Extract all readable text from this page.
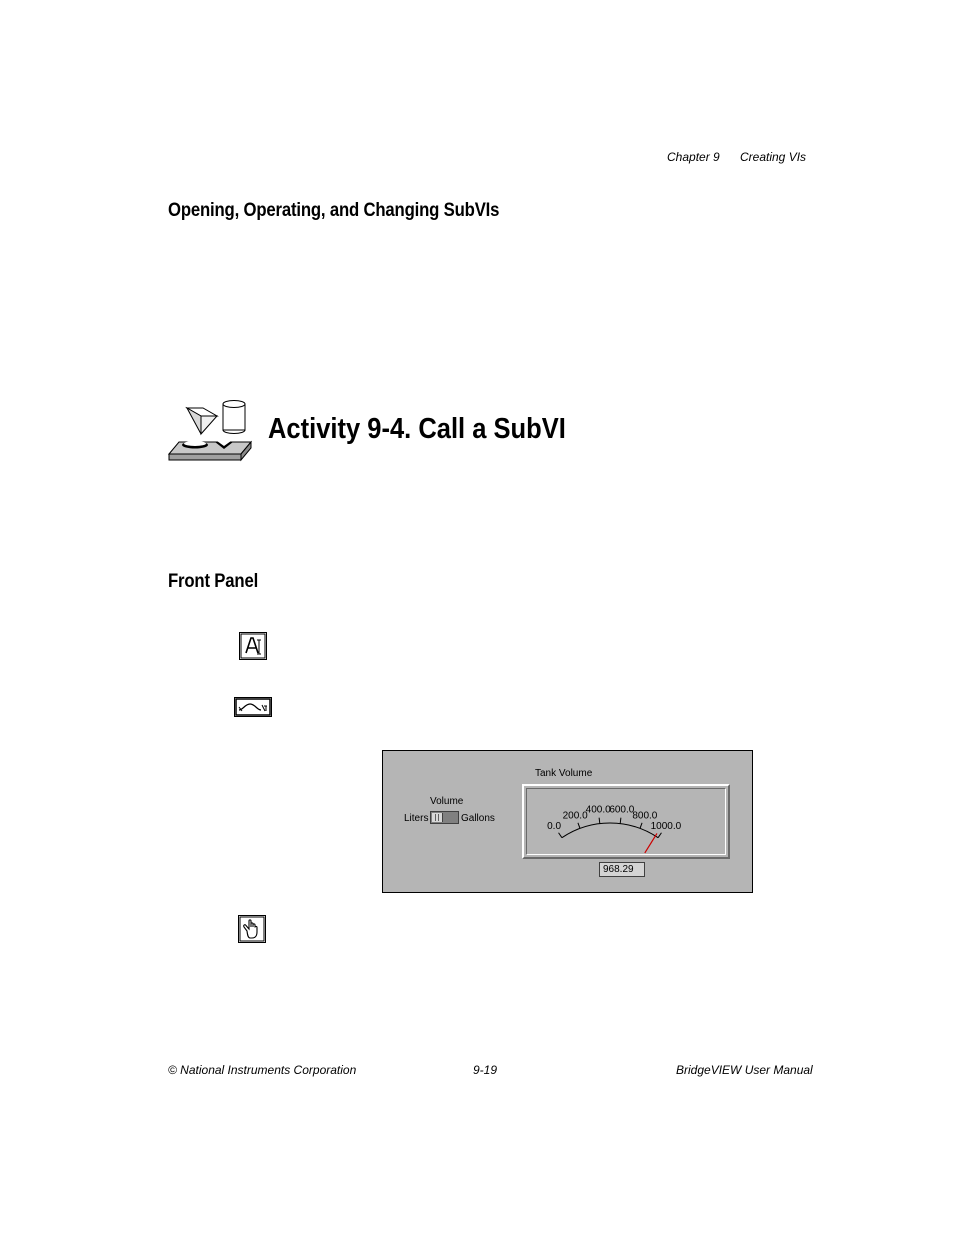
Chapter 9 Creating VIs
Opening, Operating, and Changing SubVIs
Activity 9-4. Call a SubVI
Front Panel
Volume
Liters	Gallons
Tank Volume
0.0
200.0
400.0
600.0
800.0
1000.0
968.29
© National Instruments Corporation	9-19	BridgeVIEW User Manual
